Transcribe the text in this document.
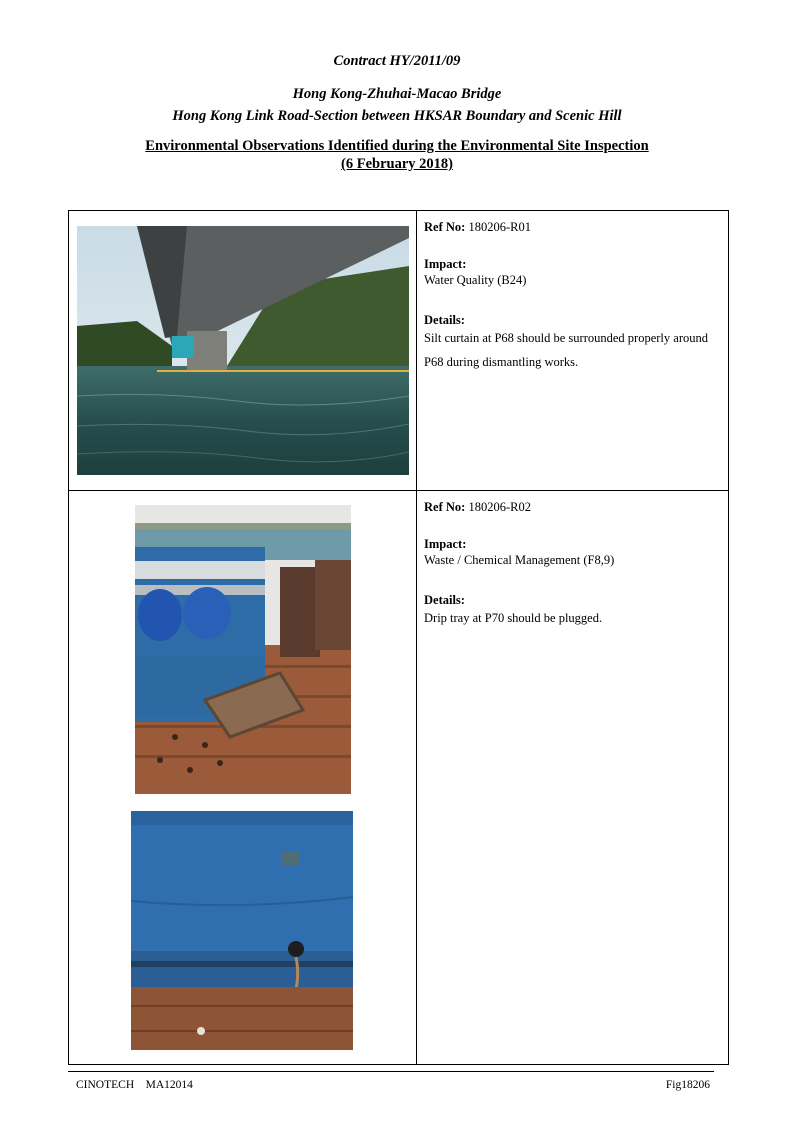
Contract HY/2011/09
Hong Kong-Zhuhai-Macao Bridge
Hong Kong Link Road-Section between HKSAR Boundary and Scenic Hill
Environmental Observations Identified during the Environmental Site Inspection
(6 February 2018)

Ref No: 180206-R01
Impact:
Water Quality (B24)
Details:
Silt curtain at P68 should be surrounded properly around P68 during dismantling works.

Ref No: 180206-R02
Impact:
Waste / Chemical Management (F8,9)
Details:
Drip tray at P70 should be plugged.
CINOTECH    MA12014	Fig18206
